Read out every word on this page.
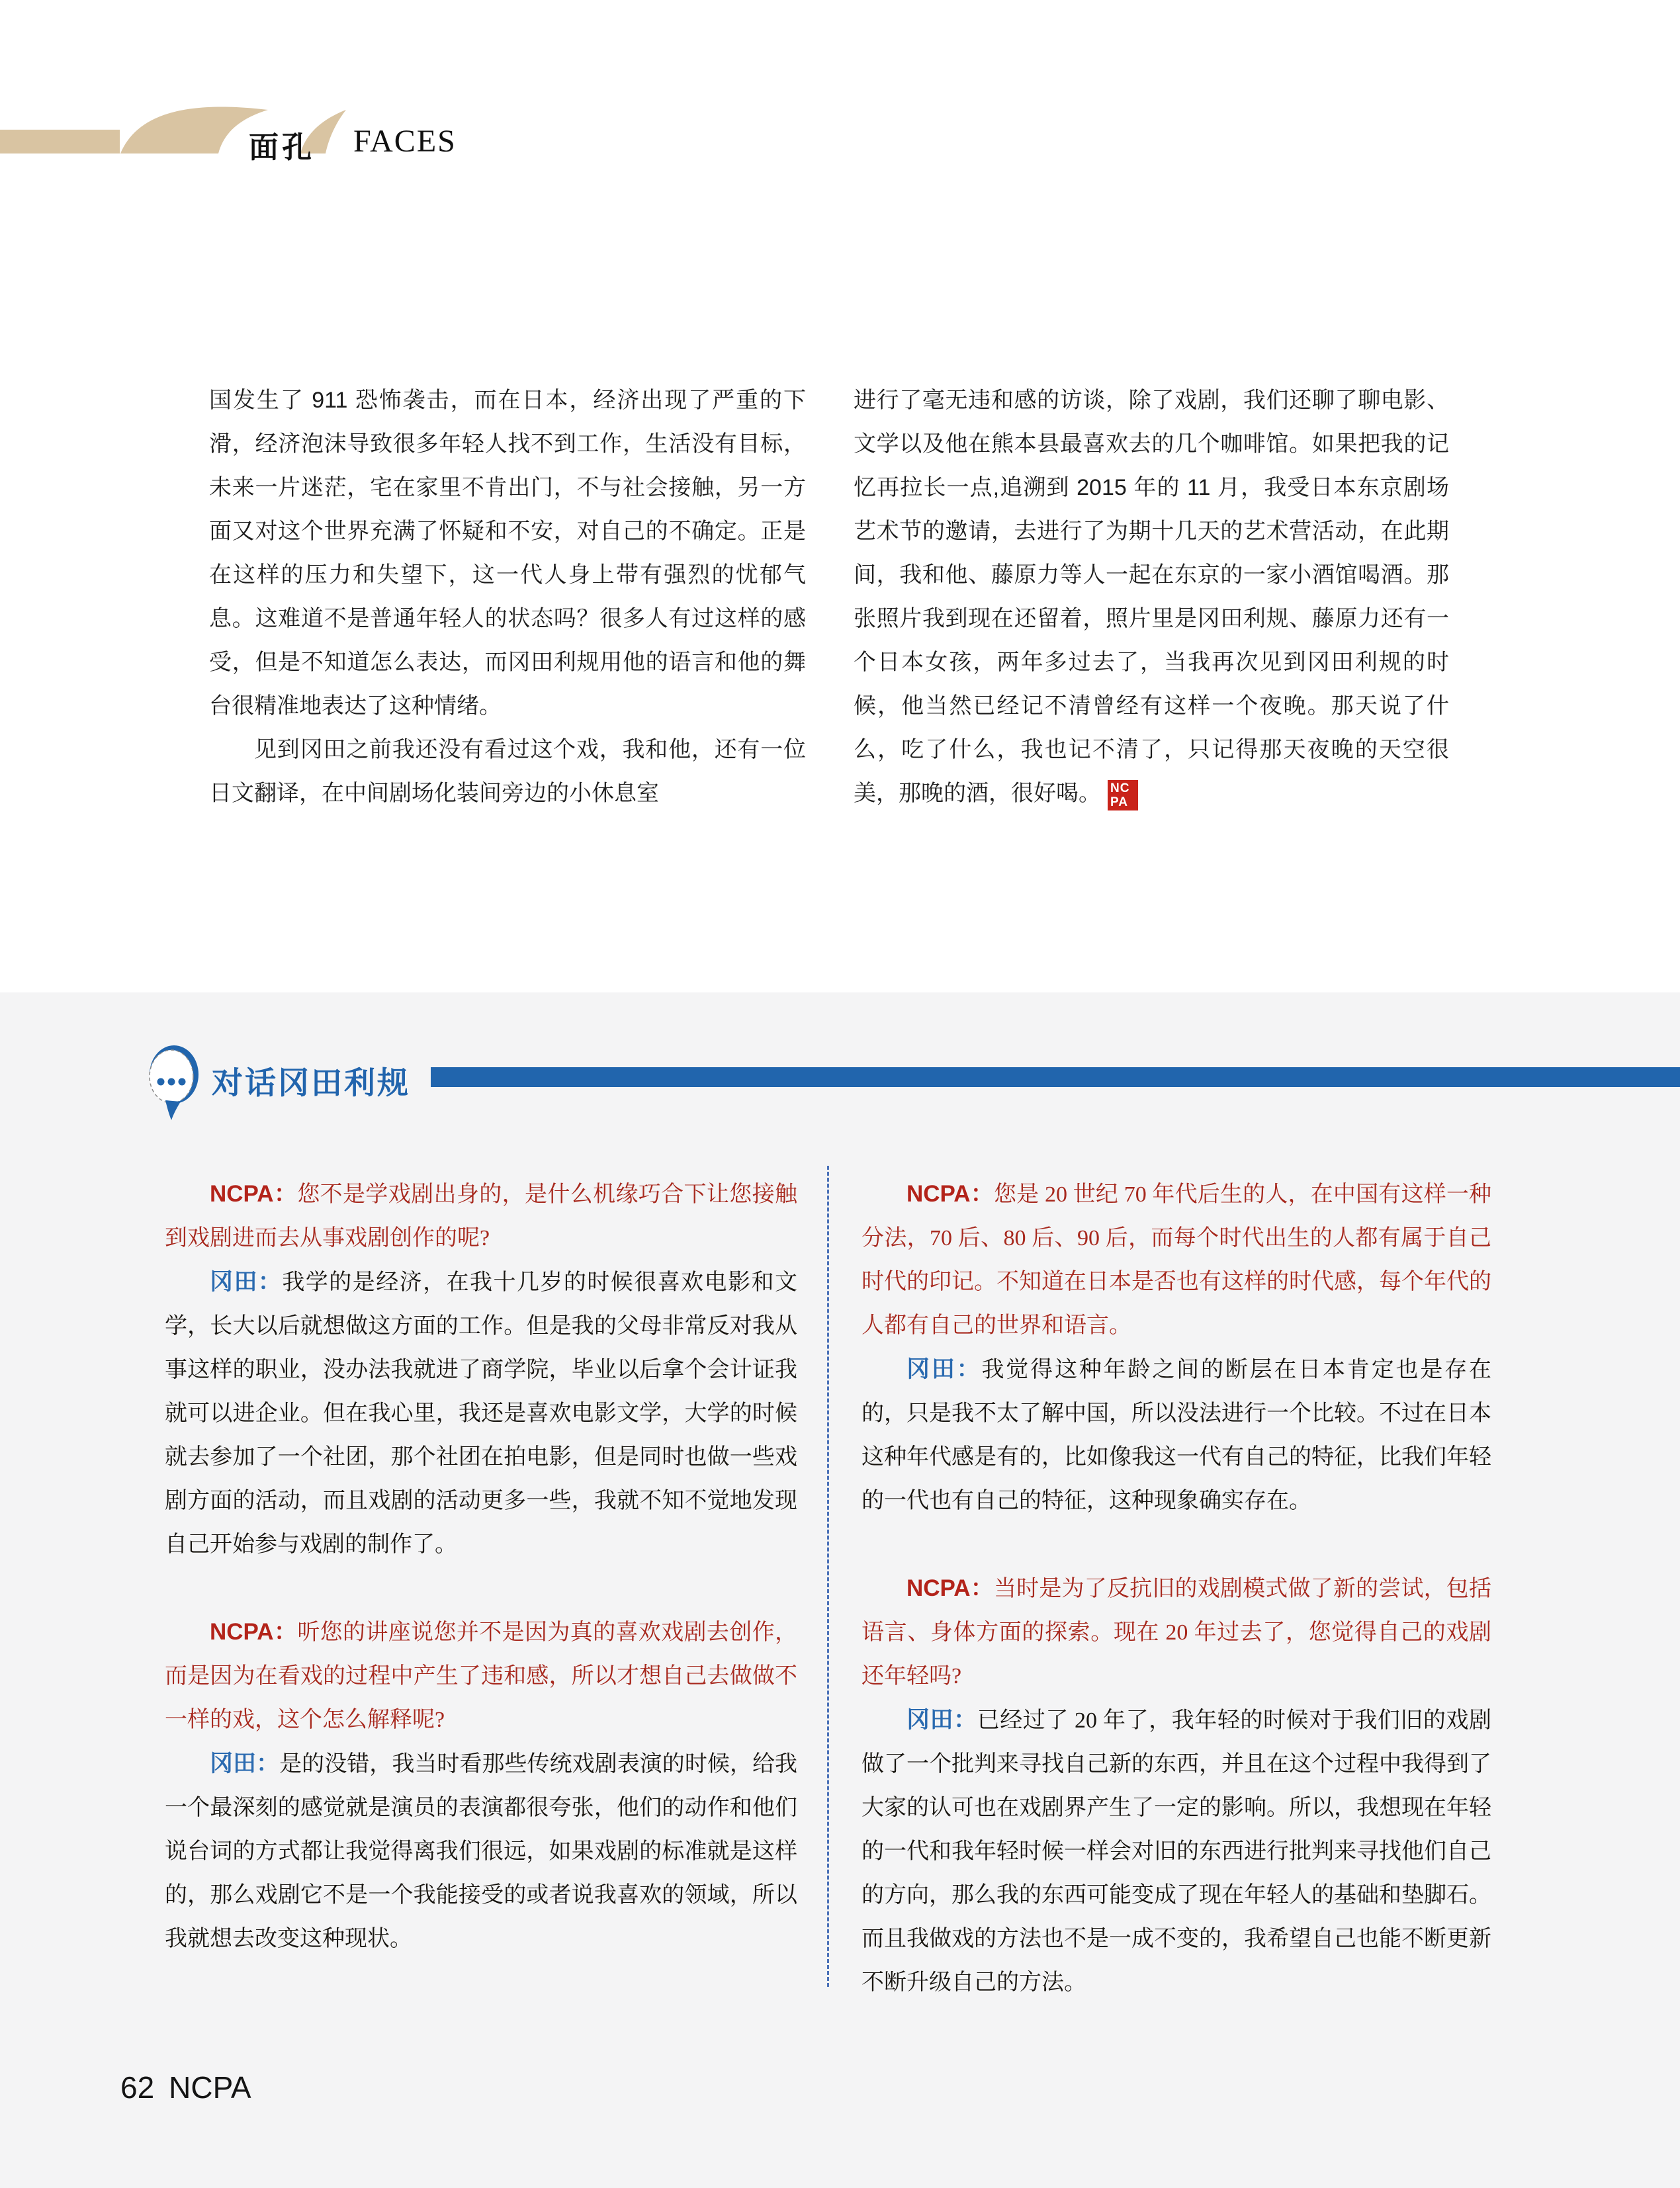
面孔 FACES

国发生了 911 恐怖袭击，而在日本，经济出现了严重的下滑，经济泡沫导致很多年轻人找不到工作，生活没有目标，未来一片迷茫，宅在家里不肯出门，不与社会接触，另一方面又对这个世界充满了怀疑和不安，对自己的不确定。正是在这样的压力和失望下，这一代人身上带有强烈的忧郁气息。这难道不是普通年轻人的状态吗？很多人有过这样的感受，但是不知道怎么表达，而冈田利规用他的语言和他的舞台很精准地表达了这种情绪。

见到冈田之前我还没有看过这个戏，我和他，还有一位日文翻译，在中间剧场化装间旁边的小休息室

进行了毫无违和感的访谈，除了戏剧，我们还聊了聊电影、文学以及他在熊本县最喜欢去的几个咖啡馆。如果把我的记忆再拉长一点,追溯到 2015 年的 11 月，我受日本东京剧场艺术节的邀请，去进行了为期十几天的艺术营活动，在此期间，我和他、藤原力等人一起在东京的一家小酒馆喝酒。那张照片我到现在还留着，照片里是冈田利规、藤原力还有一个日本女孩，两年多过去了，当我再次见到冈田利规的时候，他当然已经记不清曾经有这样一个夜晚。那天说了什么，吃了什么，我也记不清了，只记得那天夜晚的天空很美，那晚的酒，很好喝。 NC
PA

对话冈田利规

NCPA：您不是学戏剧出身的，是什么机缘巧合下让您接触到戏剧进而去从事戏剧创作的呢?

冈田：我学的是经济，在我十几岁的时候很喜欢电影和文学，长大以后就想做这方面的工作。但是我的父母非常反对我从事这样的职业，没办法我就进了商学院，毕业以后拿个会计证我就可以进企业。但在我心里，我还是喜欢电影文学，大学的时候就去参加了一个社团，那个社团在拍电影，但是同时也做一些戏剧方面的活动，而且戏剧的活动更多一些，我就不知不觉地发现自己开始参与戏剧的制作了。

NCPA：听您的讲座说您并不是因为真的喜欢戏剧去创作，而是因为在看戏的过程中产生了违和感，所以才想自己去做做不一样的戏，这个怎么解释呢?

冈田：是的没错，我当时看那些传统戏剧表演的时候，给我一个最深刻的感觉就是演员的表演都很夸张，他们的动作和他们说台词的方式都让我觉得离我们很远，如果戏剧的标准就是这样的，那么戏剧它不是一个我能接受的或者说我喜欢的领域，所以我就想去改变这种现状。

NCPA：您是 20 世纪 70 年代后生的人，在中国有这样一种分法，70 后、80 后、90 后，而每个时代出生的人都有属于自己时代的印记。不知道在日本是否也有这样的时代感，每个年代的人都有自己的世界和语言。

冈田：我觉得这种年龄之间的断层在日本肯定也是存在的，只是我不太了解中国，所以没法进行一个比较。不过在日本这种年代感是有的，比如像我这一代有自己的特征，比我们年轻的一代也有自己的特征，这种现象确实存在。

NCPA：当时是为了反抗旧的戏剧模式做了新的尝试，包括语言、身体方面的探索。现在 20 年过去了，您觉得自己的戏剧还年轻吗?

冈田：已经过了 20 年了，我年轻的时候对于我们旧的戏剧做了一个批判来寻找自己新的东西，并且在这个过程中我得到了大家的认可也在戏剧界产生了一定的影响。所以，我想现在年轻的一代和我年轻时候一样会对旧的东西进行批判来寻找他们自己的方向，那么我的东西可能变成了现在年轻人的基础和垫脚石。而且我做戏的方法也不是一成不变的，我希望自己也能不断更新不断升级自己的方法。

62 NCPA
